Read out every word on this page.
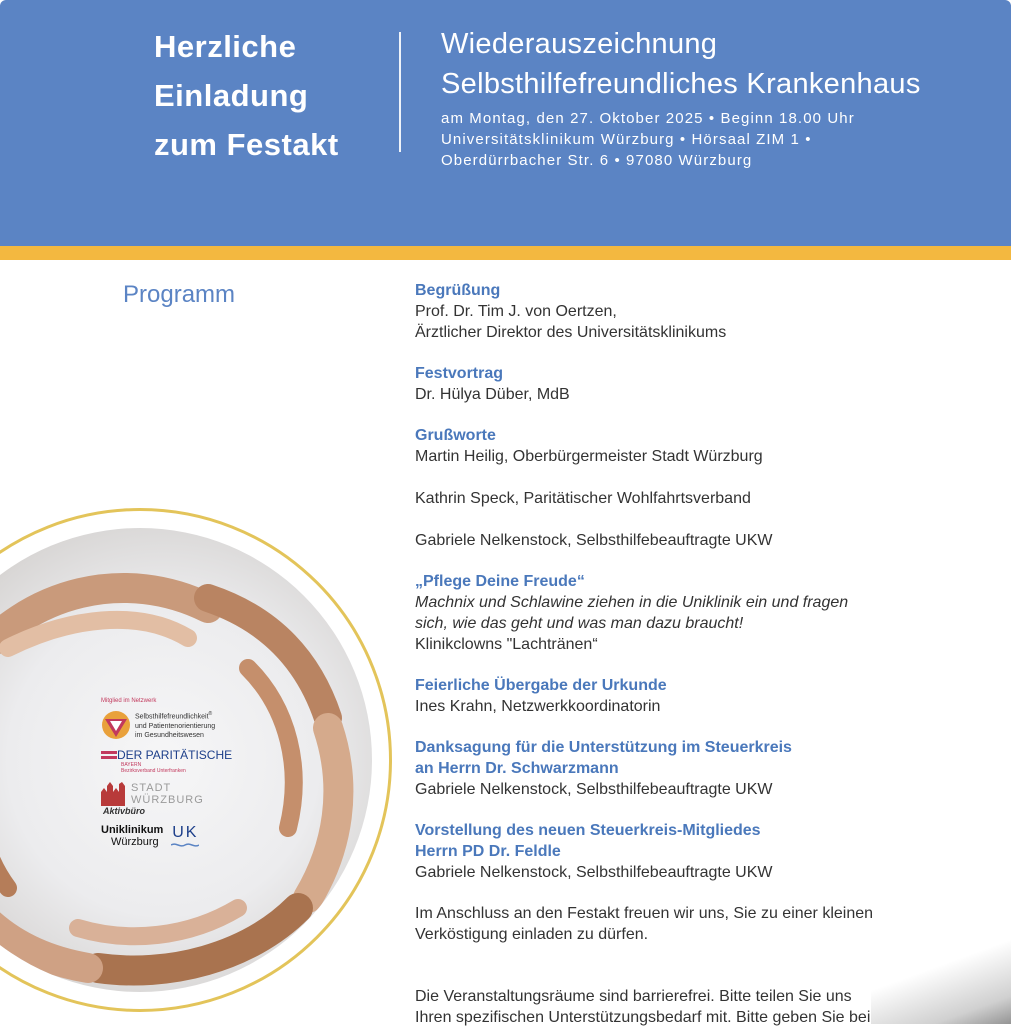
Herzliche
Einladung
zum Festakt
Wiederauszeichnung
Selbsthilfefreundliches Krankenhaus
am Montag, den 27. Oktober 2025 • Beginn 18.00 Uhr
Universitätsklinikum Würzburg • Hörsaal ZIM 1 •
Oberdürrbacher Str. 6 • 97080 Würzburg
Programm	Begrüßung
Prof. Dr. Tim J. von Oertzen,
Ärztlicher Direktor des Universitätsklinikums
Festvortrag
Dr. Hülya Düber, MdB
Grußworte
Martin Heilig, Oberbürgermeister Stadt Würzburg
Kathrin Speck, Paritätischer Wohlfahrtsverband
Gabriele Nelkenstock, Selbsthilfebeauftragte UKW
„Pflege Deine Freude“
Machnix und Schlawine ziehen in die Uniklinik ein und fragen
sich, wie das geht und was man dazu braucht!
Klinikclowns "Lachtränen“
Feierliche Übergabe der Urkunde
Ines Krahn, Netzwerkkoordinatorin
Danksagung für die Unterstützung im Steuerkreis
an Herrn Dr. Schwarzmann
Gabriele Nelkenstock, Selbsthilfebeauftragte UKW
Vorstellung des neuen Steuerkreis-Mitgliedes
Herrn PD Dr. Feldle
Gabriele Nelkenstock, Selbsthilfebeauftragte UKW
Im Anschluss an den Festakt freuen wir uns, Sie zu einer kleinen
Verköstigung einladen zu dürfen.
Die Veranstaltungsräume sind barrierefrei. Bitte teilen Sie uns
Ihren spezifischen Unterstützungsbedarf mit. Bitte geben Sie bei
Mitglied im Netzwerk
Selbsthilfefreundlichkeit®
und Patientenorientierung
im Gesundheitswesen
DER PARITÄTISCHE
BAYERN
Bezirksverband Unterfranken
STADT
WÜRZBURG
Aktivbüro
Uniklinikum
Würzburg
UK
